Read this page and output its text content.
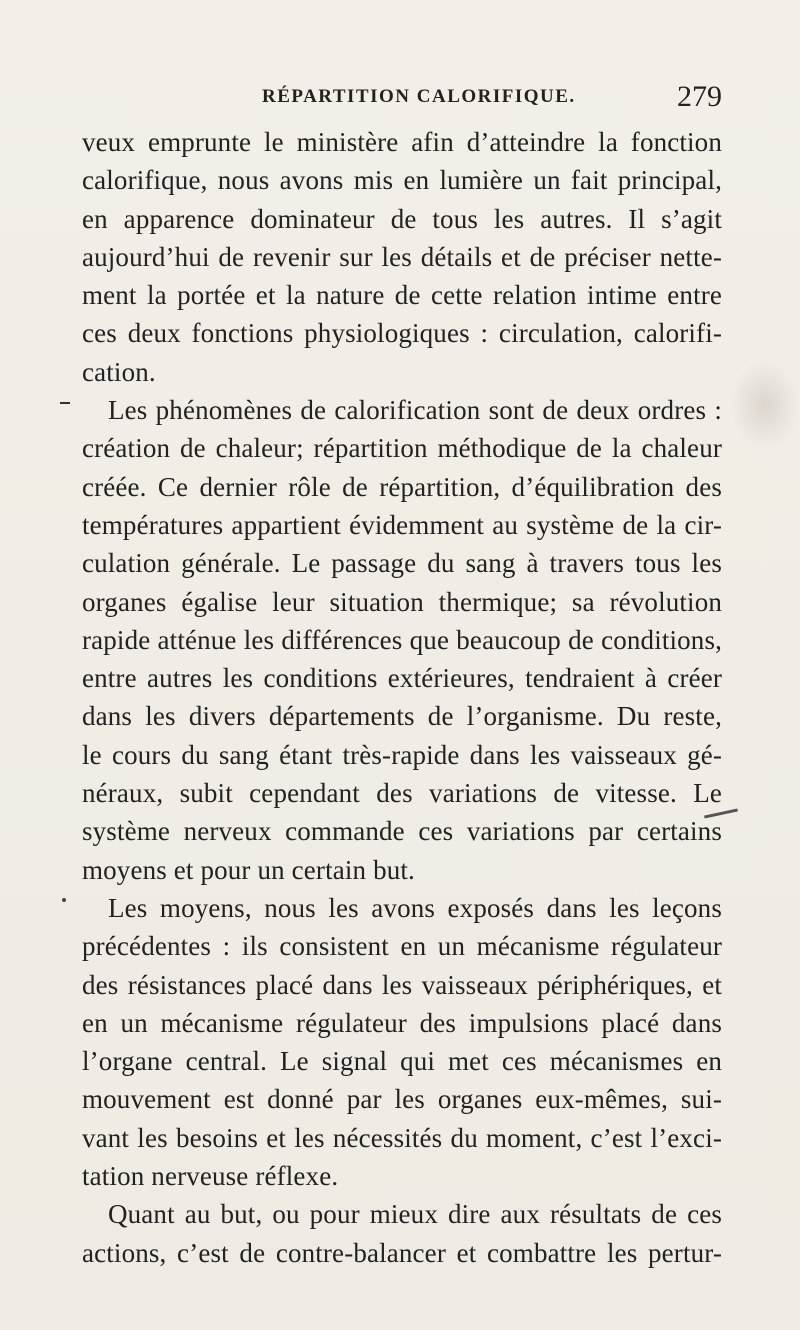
RÉPARTITION CALORIFIQUE.	279

veux emprunte le ministère afin d’atteindre la fonction
calorifique, nous avons mis en lumière un fait principal,
en apparence dominateur de tous les autres. Il s’agit
aujourd’hui de revenir sur les détails et de préciser nette-
ment la portée et la nature de cette relation intime entre
ces deux fonctions physiologiques : circulation, calorifi-
cation.

Les phénomènes de calorification sont de deux ordres :
création de chaleur; répartition méthodique de la chaleur
créée. Ce dernier rôle de répartition, d’équilibration des
températures appartient évidemment au système de la cir-
culation générale. Le passage du sang à travers tous les
organes égalise leur situation thermique; sa révolution
rapide atténue les différences que beaucoup de conditions,
entre autres les conditions extérieures, tendraient à créer
dans les divers départements de l’organisme. Du reste,
le cours du sang étant très-rapide dans les vaisseaux gé-
néraux, subit cependant des variations de vitesse. Le
système nerveux commande ces variations par certains
moyens et pour un certain but.

Les moyens, nous les avons exposés dans les leçons
précédentes : ils consistent en un mécanisme régulateur
des résistances placé dans les vaisseaux périphériques, et
en un mécanisme régulateur des impulsions placé dans
l’organe central. Le signal qui met ces mécanismes en
mouvement est donné par les organes eux-mêmes, sui-
vant les besoins et les nécessités du moment, c’est l’exci-
tation nerveuse réflexe.

Quant au but, ou pour mieux dire aux résultats de ces
actions, c’est de contre-balancer et combattre les pertur-
